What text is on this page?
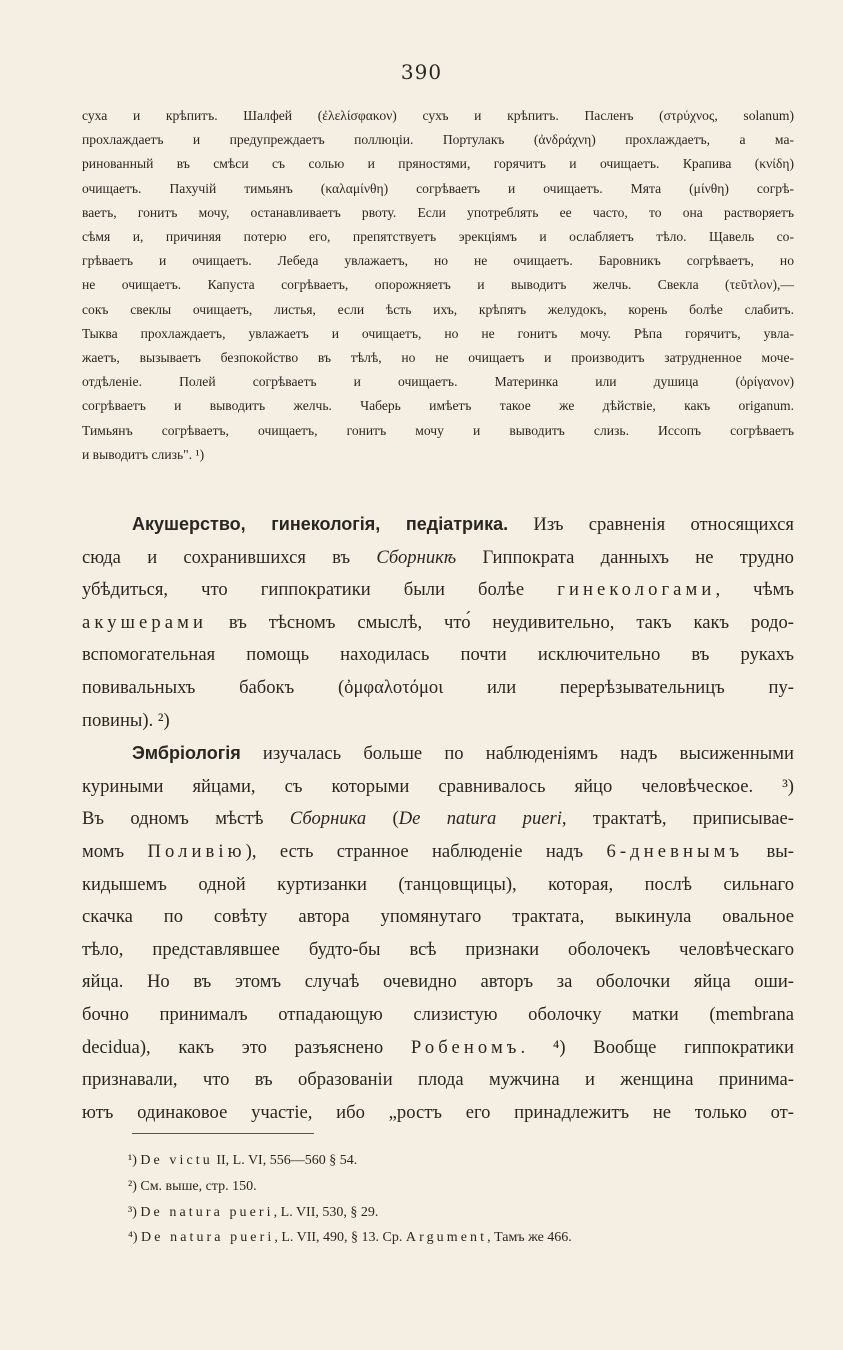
390

суха и крѣпитъ. Шалфей (ἐλελίσφακον) сухъ и крѣпитъ. Пасленъ (στρύχνος, solanum)

прохлаждаетъ и предупреждаетъ поллюціи. Портулакъ (ἀνδράχνη) прохлаждаетъ, а ма-

ринованный въ смѣси съ солью и пряностями, горячитъ и очищаетъ. Крапива (κνίδη)

очищаетъ. Пахучій тимьянъ (καλαμίνθη) согрѣваетъ и очищаетъ. Мята (μίνθη) согрѣ-

ваетъ, гонитъ мочу, останавливаетъ рвоту. Если употреблять ее часто, то она растворяетъ

сѣмя и, причиняя потерю его, препятствуетъ эрекціямъ и ослабляетъ тѣло. Щавель со-

грѣваетъ и очищаетъ. Лебеда увлажаетъ, но не очищаетъ. Баровникъ согрѣваетъ, но

не очищаетъ. Капуста согрѣваетъ, опорожняетъ и выводитъ желчь. Свекла (τεῦτλον),—

сокъ свеклы очищаетъ, листья, если ѣсть ихъ, крѣпятъ желудокъ, корень болѣе слабитъ.

Тыква прохлаждаетъ, увлажаетъ и очищаетъ, но не гонитъ мочу. Рѣпа горячитъ, увла-

жаетъ, вызываетъ безпокойство въ тѣлѣ, но не очищаетъ и производитъ затрудненное моче-

отдѣленіе. Полей согрѣваетъ и очищаетъ. Материнка или душица (ὀρίγανον)

согрѣваетъ и выводитъ желчь. Чаберь имѣетъ такое же дѣйствіе, какъ origanum.

Тимьянъ согрѣваетъ, очищаетъ, гонитъ мочу и выводитъ слизь. Иссопъ согрѣваетъ

и выводитъ слизь". ¹)

Акушерство, гинекологія, педіатрика. Изъ сравненія относящихся
сюда и сохранившихся въ Сборникѣ Гиппократа данныхъ не трудно
убѣдиться, что гиппократики были болѣе гинекологами, чѣмъ
акушерами въ тѣсномъ смыслѣ, что́ неудивительно, такъ какъ родо-
вспомогательная помощь находилась почти исключительно въ рукахъ
повивальныхъ бабокъ (ὀμφαλοτόμοι или перерѣзывательницъ пу-
повины). ²)
Эмбріологія изучалась больше по наблюденіямъ надъ высиженными
куриными яйцами, съ которыми сравнивалось яйцо человѣческое. ³)
Въ одномъ мѣстѣ Сборника (De natura pueri, трактатѣ, приписывае-
момъ Поливію), есть странное наблюденіе надъ 6-дневнымъ вы-
кидышемъ одной куртизанки (танцовщицы), которая, послѣ сильнаго
скачка по совѣту автора упомянутаго трактата, выкинула овальное
тѣло, представлявшее будто-бы всѣ признаки оболочекъ человѣческаго
яйца. Но въ этомъ случаѣ очевидно авторъ за оболочки яйца оши-
бочно принималъ отпадающую слизистую оболочку матки (membrana
decidua), какъ это разъяснено Робеномъ. ⁴) Вообще гиппократики
признавали, что въ образованіи плода мужчина и женщина принима-
ютъ одинаковое участіе, ибо „ростъ его принадлежитъ не только от-
¹) De victu II, L. VI, 556—560 § 54.
²) См. выше, стр. 150.
³) De natura pueri, L. VII, 530, § 29.
⁴) De natura pueri, L. VII, 490, § 13. Ср. Argument, Тамъ же 466.
